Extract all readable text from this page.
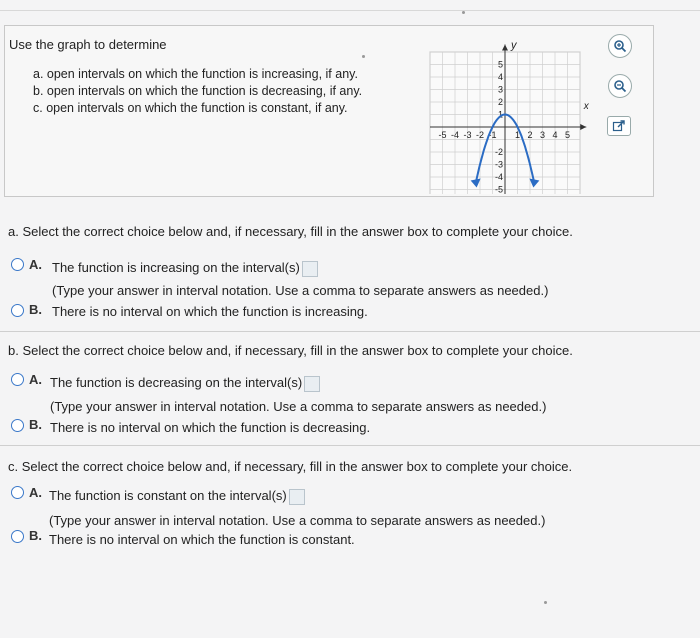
Use the graph to determine
a. open intervals on which the function is increasing, if any.
b. open intervals on which the function is decreasing, if any.
c. open intervals on which the function is constant, if any.
-5 -4 -3 -2 -1 1 2 3 4 5
5
4
3
2
1
-2
-3
-4
-5
y
x
a. Select the correct choice below and, if necessary, fill in the answer box to complete your choice.
A. The function is increasing on the interval(s)
(Type your answer in interval notation. Use a comma to separate answers as needed.)
B. There is no interval on which the function is increasing.
b. Select the correct choice below and, if necessary, fill in the answer box to complete your choice.
A. The function is decreasing on the interval(s)
(Type your answer in interval notation. Use a comma to separate answers as needed.)
B. There is no interval on which the function is decreasing.
c. Select the correct choice below and, if necessary, fill in the answer box to complete your choice.
A. The function is constant on the interval(s)
(Type your answer in interval notation. Use a comma to separate answers as needed.)
B. There is no interval on which the function is constant.
